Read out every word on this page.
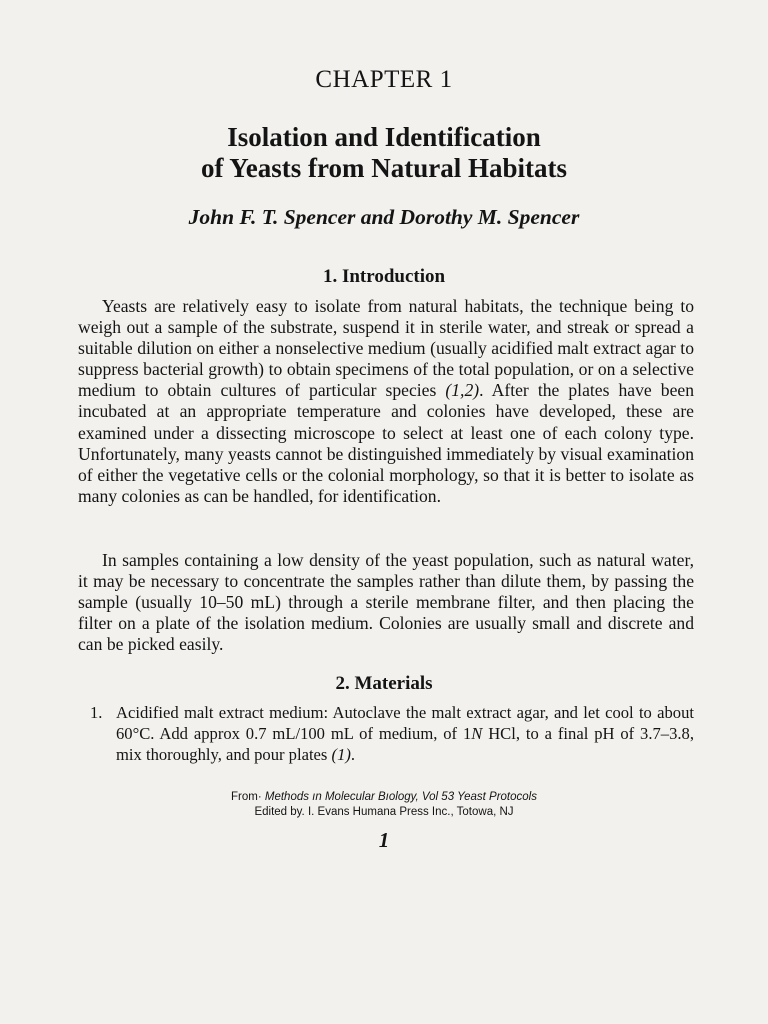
CHAPTER 1
Isolation and Identification
of Yeasts from Natural Habitats
John F. T. Spencer and Dorothy M. Spencer
1. Introduction

Yeasts are relatively easy to isolate from natural habitats, the technique being to weigh out a sample of the substrate, suspend it in sterile water, and streak or spread a suitable dilution on either a nonselective medium (usually acidified malt extract agar to suppress bacterial growth) to obtain specimens of the total population, or on a selective medium to obtain cultures of particular species (1,2). After the plates have been incubated at an appropriate temperature and colonies have developed, these are examined under a dissecting microscope to select at least one of each colony type. Unfortunately, many yeasts cannot be distinguished immediately by visual examination of either the vegetative cells or the colonial morphology, so that it is better to isolate as many colonies as can be handled, for identification.

In samples containing a low density of the yeast population, such as natural water, it may be necessary to concentrate the samples rather than dilute them, by passing the sample (usually 10–50 mL) through a sterile membrane filter, and then placing the filter on a plate of the isolation medium. Colonies are usually small and discrete and can be picked easily.

2. Materials
1. Acidified malt extract medium: Autoclave the malt extract agar, and let cool to about 60°C. Add approx 0.7 mL/100 mL of medium, of 1N HCl, to a final pH of 3.7–3.8, mix thoroughly, and pour plates (1).
From· Methods ın Molecular Bıology, Vol 53 Yeast Protocols
Edited by. I. Evans Humana Press Inc., Totowa, NJ
1
